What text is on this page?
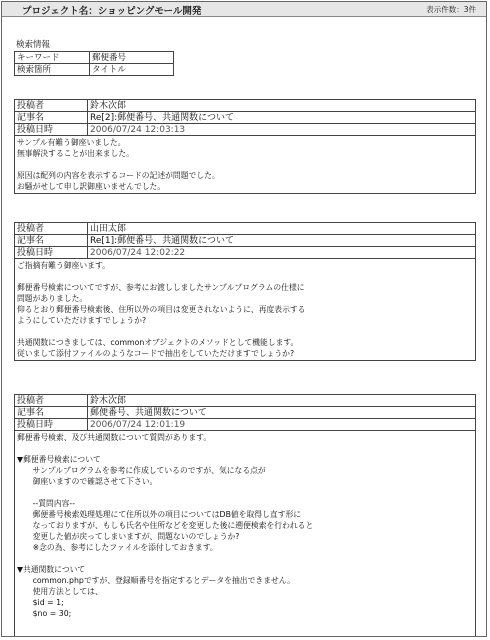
プロジェクト名：ショッピングモール開発	表示件数：3件
検索情報
キーワード	郵便番号
検索箇所	タイトル
投稿者	鈴木次郎
記事名	Re[2]:郵便番号、共通関数について
投稿日時	2006/07/24 12:03:13
サンプル有難う御座いました。
無事解決することが出来ました。
原因は配列の内容を表示するコードの記述が問題でした。
お騒がせして申し訳御座いませんでした。
投稿者	山田太郎
記事名	Re[1]:郵便番号、共通関数について
投稿日時	2006/07/24 12:02:22
ご指摘有難う御座います。
郵便番号検索についてですが、参考にお渡ししましたサンプルプログラムの仕様に
問題がありました。
仰るとおり郵便番号検索後、住所以外の項目は変更されないように、再度表示する
ようにしていただけますでしょうか?
共通関数につきましては、commonオブジェクトのメソッドとして機能します。
従いまして添付ファイルのようなコードで抽出をしていただけますでしょうか?
投稿者	鈴木次郎
記事名	郵便番号、共通関数について
投稿日時	2006/07/24 12:01:19
郵便番号検索、及び共通関数について質問があります。
▼郵便番号検索について
　　サンプルプログラムを参考に作成しているのですが、気になる点が
　　御座いますので確認させて下さい。
　　--質問内容--
　　郵便番号検索処理処理にて住所以外の項目についてはDB値を取得し直す形に
　　なっておりますが、もしも氏名や住所などを変更した後に遡便検索を行われると
　　変更した値が戻ってしまいますが、問題ないのでしょうか?
　　※念の為、参考にしたファイルを添付しておきます。
▼共通関数について
　　common.phpですが、登録順番号を指定するとデータを抽出できません。
　　使用方法としては、
　　$id = 1;
　　$no = 30;
